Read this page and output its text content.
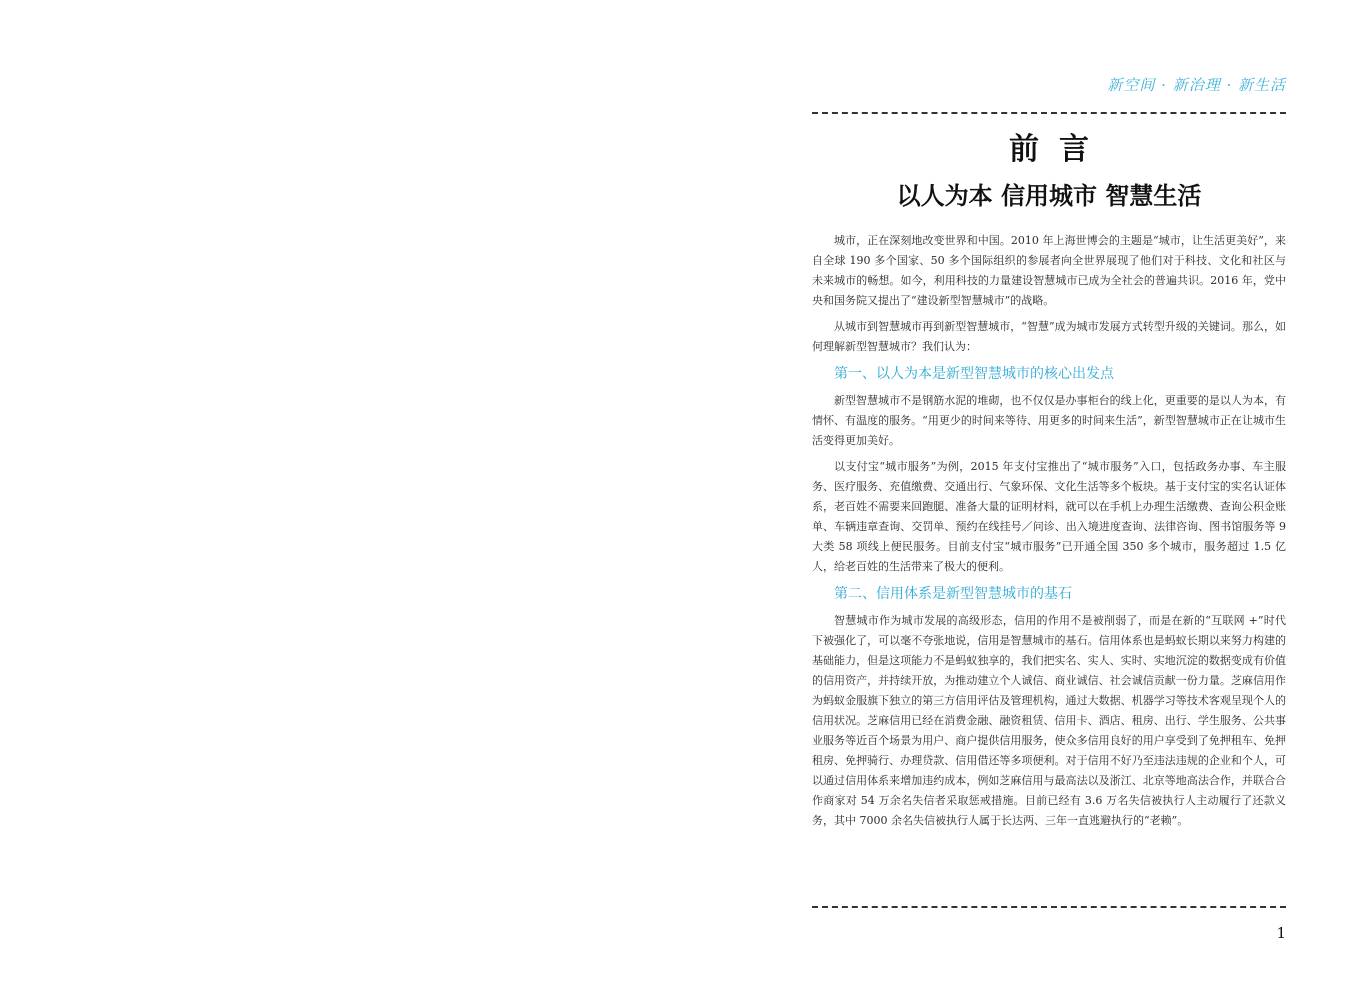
新空间 · 新治理 · 新生活
前言
以人为本 信用城市 智慧生活

城市，正在深刻地改变世界和中国。2010 年上海世博会的主题是“城市，让生活更美好”，来自全球 190 多个国家、50 多个国际组织的参展者向全世界展现了他们对于科技、文化和社区与未来城市的畅想。如今，利用科技的力量建设智慧城市已成为全社会的普遍共识。2016 年，党中央和国务院又提出了“建设新型智慧城市”的战略。

从城市到智慧城市再到新型智慧城市，“智慧”成为城市发展方式转型升级的关键词。那么，如何理解新型智慧城市？我们认为：

第一、以人为本是新型智慧城市的核心出发点

新型智慧城市不是钢筋水泥的堆砌，也不仅仅是办事柜台的线上化，更重要的是以人为本，有情怀、有温度的服务。“用更少的时间来等待、用更多的时间来生活”，新型智慧城市正在让城市生活变得更加美好。

以支付宝“城市服务”为例，2015 年支付宝推出了“城市服务”入口，包括政务办事、车主服务、医疗服务、充值缴费、交通出行、气象环保、文化生活等多个板块。基于支付宝的实名认证体系，老百姓不需要来回跑腿、准备大量的证明材料，就可以在手机上办理生活缴费、查询公积金账单、车辆违章查询、交罚单、预约在线挂号／问诊、出入境进度查询、法律咨询、图书馆服务等 9 大类 58 项线上便民服务。目前支付宝“城市服务”已开通全国 350 多个城市，服务超过 1.5 亿人，给老百姓的生活带来了极大的便利。

第二、信用体系是新型智慧城市的基石

智慧城市作为城市发展的高级形态，信用的作用不是被削弱了，而是在新的“互联网 +”时代下被强化了，可以毫不夸张地说，信用是智慧城市的基石。信用体系也是蚂蚁长期以来努力构建的基础能力，但是这项能力不是蚂蚁独享的，我们把实名、实人、实时、实地沉淀的数据变成有价值的信用资产，并持续开放，为推动建立个人诚信、商业诚信、社会诚信贡献一份力量。芝麻信用作为蚂蚁金服旗下独立的第三方信用评估及管理机构，通过大数据、机器学习等技术客观呈现个人的信用状况。芝麻信用已经在消费金融、融资租赁、信用卡、酒店、租房、出行、学生服务、公共事业服务等近百个场景为用户、商户提供信用服务，使众多信用良好的用户享受到了免押租车、免押租房、免押骑行、办理贷款、信用借还等多项便利。对于信用不好乃至违法违规的企业和个人，可以通过信用体系来增加违约成本，例如芝麻信用与最高法以及浙江、北京等地高法合作，并联合合作商家对 54 万余名失信者采取惩戒措施。目前已经有 3.6 万名失信被执行人主动履行了还款义务，其中 7000 余名失信被执行人属于长达两、三年一直逃避执行的“老赖”。

1
